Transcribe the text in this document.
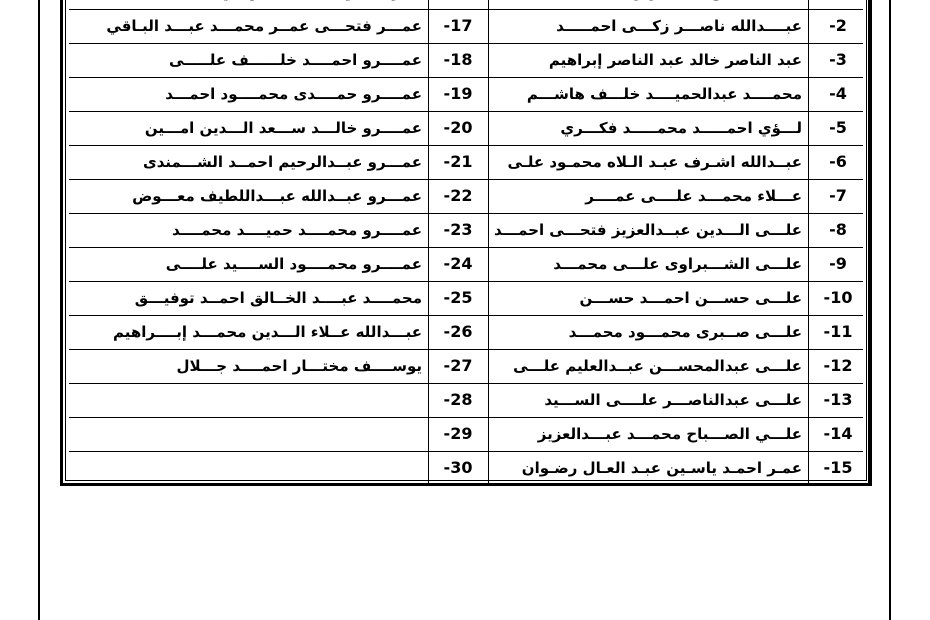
-2
عبــــدالله ناصـــر زكـــى احمـــــد
-17
عمـــر فتحـــى عمــر محمـــد عبـــد البـاقي
-3
عبد الناصر خالد عبد الناصر إبراهيم
-18
عمــــرو احمــــد خلــــــف علـــــى
-4
محمــــد عبدالحميــــد خلـــف هاشـــم
-19
عمــــرو حمــــدى محمــــود احمـــد
-5
لـــؤي احمـــــد محمـــــد فكـــري
-20
عمــــرو خالـــد ســـعد الـــدين امـــين
-6
عبــدالله اشـرف عبـد الـلاه محمـود علـى
-21
عمـــرو عبــدالرحيم احمــد الشـــمندى
-7
عـــلاء محمـــد علــــى عمــــر
-22
عمـــرو عبــدالله عبـــداللطيف معـــوض
-8
علـــى الـــدين عبــدالعزيز فتحـــى احمـــد
-23
عمــــرو محمــــد حميــــد محمــــد
-9
علـــى الشـــبراوى علـــى محمـــد
-24
عمــــرو محمــــود الســــيد علــــى
-10
علـــى حســـن احمـــد حســـن
-25
محمــــد عبــــد الخــالق احمــد توفيـــق
-11
علـــى صــبرى محمـــود محمـــد
-26
عبـــدالله عــلاء الـــدين محمـــد إبــــراهيم
-12
علـــى عبدالمحســـن عبــدالعليم علـــى
-27
يوســــف مختـــار احمــــد جـــلال
-13
علـــى عبدالناصـــر علــــى الســـيد
-28
-14
علـــي الصـــباح محمـــد عبـــدالعزيز
-29
-15
عمـر احمـد ياسـين عبـد العـال رضـوان
-30
